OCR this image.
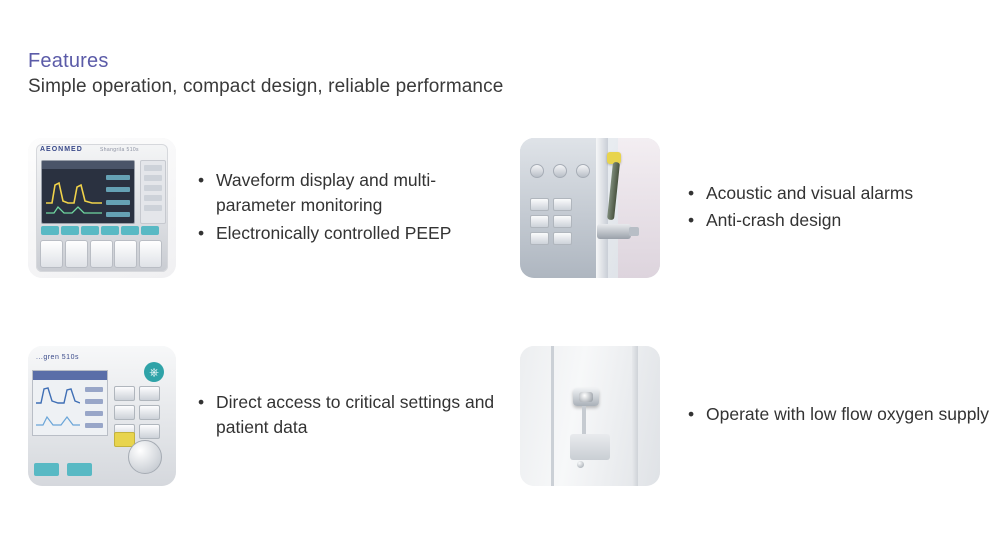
Features
Simple operation, compact design, reliable performance
AEONMED	Shangrila 510s
• Waveform display and multi-parameter monitoring
• Electronically controlled PEEP
• Acoustic and visual alarms
• Anti-crash design
...gren 510s
⎈
• Direct access to critical settings and patient data
• Operate with low flow oxygen supply
